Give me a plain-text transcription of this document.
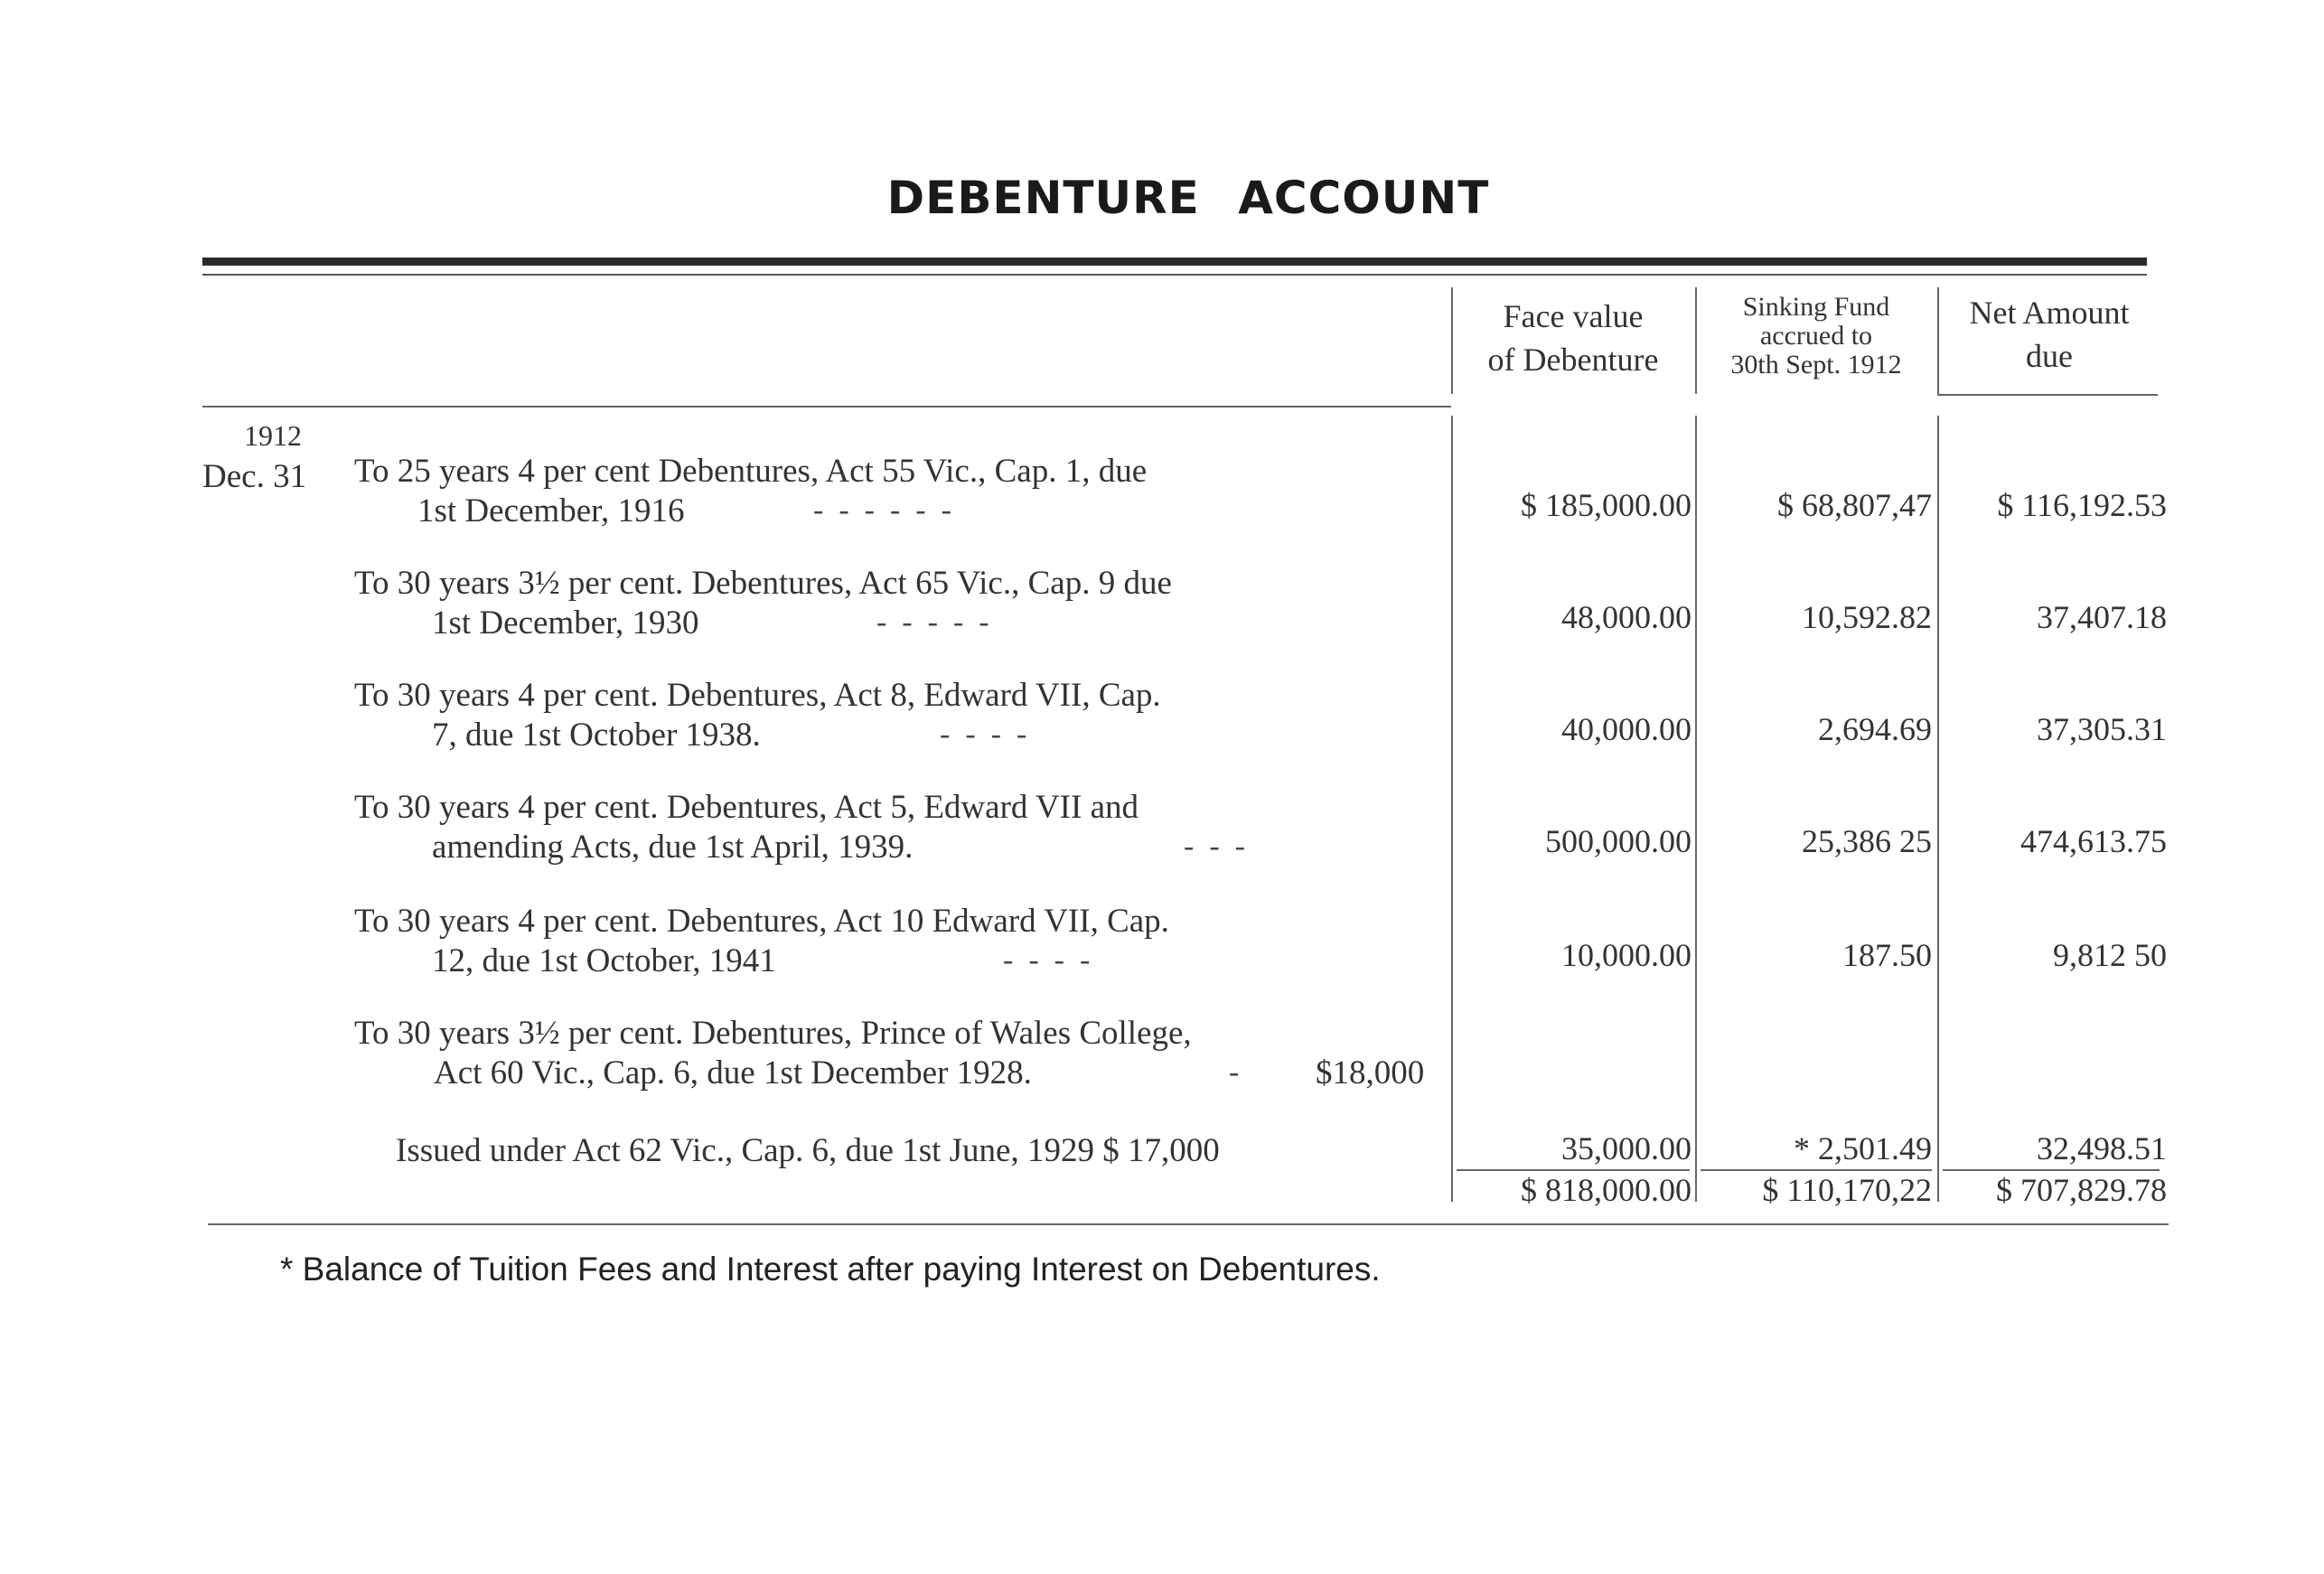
DEBENTURE ACCOUNT
Face value
of Debenture
Sinking Fund
accrued to
30th Sept. 1912
Net Amount
due
1912
Dec. 31 To 25 years 4 per cent Debentures, Act 55 Vic., Cap. 1, due
1st December, 1916	-  -  -  -  -  -	$ 185,000.00	$ 68,807,47	$ 116,192.53
To 30 years 3½ per cent. Debentures, Act 65 Vic., Cap. 9 due
1st December, 1930	-  -  -  -  -	48,000.00	10,592.82	37,407.18
To 30 years 4 per cent. Debentures, Act 8, Edward VII, Cap.
7, due 1st October 1938.	-  -  -  -	40,000.00	2,694.69	37,305.31
To 30 years 4 per cent. Debentures, Act 5, Edward VII and
amending Acts, due 1st April, 1939.	-  -  -	500,000.00	25,386 25	474,613.75
To 30 years 4 per cent. Debentures, Act 10 Edward VII, Cap.
12, due 1st October, 1941	-  -  -  -	10,000.00	187.50	9,812 50
To 30 years 3½ per cent. Debentures, Prince of Wales College,
Act 60 Vic., Cap. 6, due 1st December 1928.	- $18,000
Issued under Act 62 Vic., Cap. 6, due 1st June, 1929 $ 17,000	35,000.00	* 2,501.49	32,498.51
$ 818,000.00	$ 110,170,22	$ 707,829.78
* Balance of Tuition Fees and Interest after paying Interest on Debentures.
